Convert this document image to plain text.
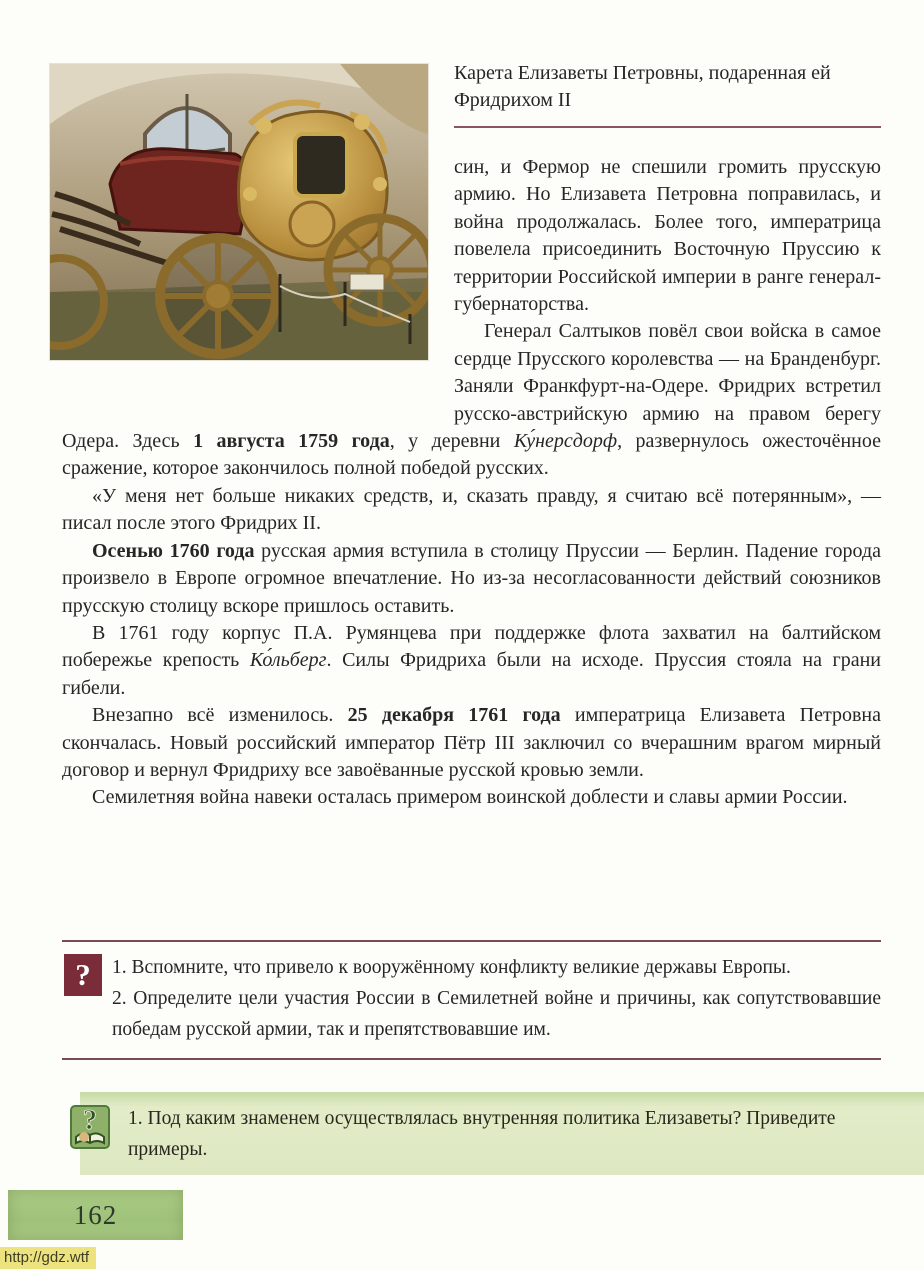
Карета Елизаветы Петровны, подаренная ей Фридрихом II

син, и Фермор не спешили громить прусскую армию. Но Елизавета Петровна поправилась, и война продолжалась. Более того, императрица повелела присоединить Восточную Пруссию к территории Российской империи в ранге генерал-губернаторства.

Генерал Салтыков повёл свои войска в самое сердце Прусского королевства — на Бранденбург. Заняли Франкфурт-на-Одере. Фридрих встретил русско-австрийскую армию на правом берегу Одера. Здесь 1 августа 1759 года, у деревни Ку́нерсдорф, развернулось ожесточённое сражение, которое закончилось полной победой русских.

«У меня нет больше никаких средств, и, сказать правду, я считаю всё потерянным», — писал после этого Фридрих II.

Осенью 1760 года русская армия вступила в столицу Пруссии — Берлин. Падение города произвело в Европе огромное впечатление. Но из-за несогласованности действий союзников прусскую столицу вскоре пришлось оставить.

В 1761 году корпус П.А. Румянцева при поддержке флота захватил на балтийском побережье крепость Ко́льберг. Силы Фридриха были на исходе. Пруссия стояла на грани гибели.

Внезапно всё изменилось. 25 декабря 1761 года императрица Елизавета Петровна скончалась. Новый российский император Пётр III заключил со вчерашним врагом мирный договор и вернул Фридриху все завоёванные русской кровью земли.

Семилетняя война навеки осталась примером воинской доблести и славы армии России.

?	1. Вспомните, что привело к вооружённому конфликту великие державы Европы.
2. Определите цели участия России в Семилетней войне и причины, как сопутствовавшие победам русской армии, так и препятствовавшие им.
? 1. Под каким знаменем осуществлялась внутренняя политика Елизаветы? Приведите примеры.
162
http://gdz.wtf
